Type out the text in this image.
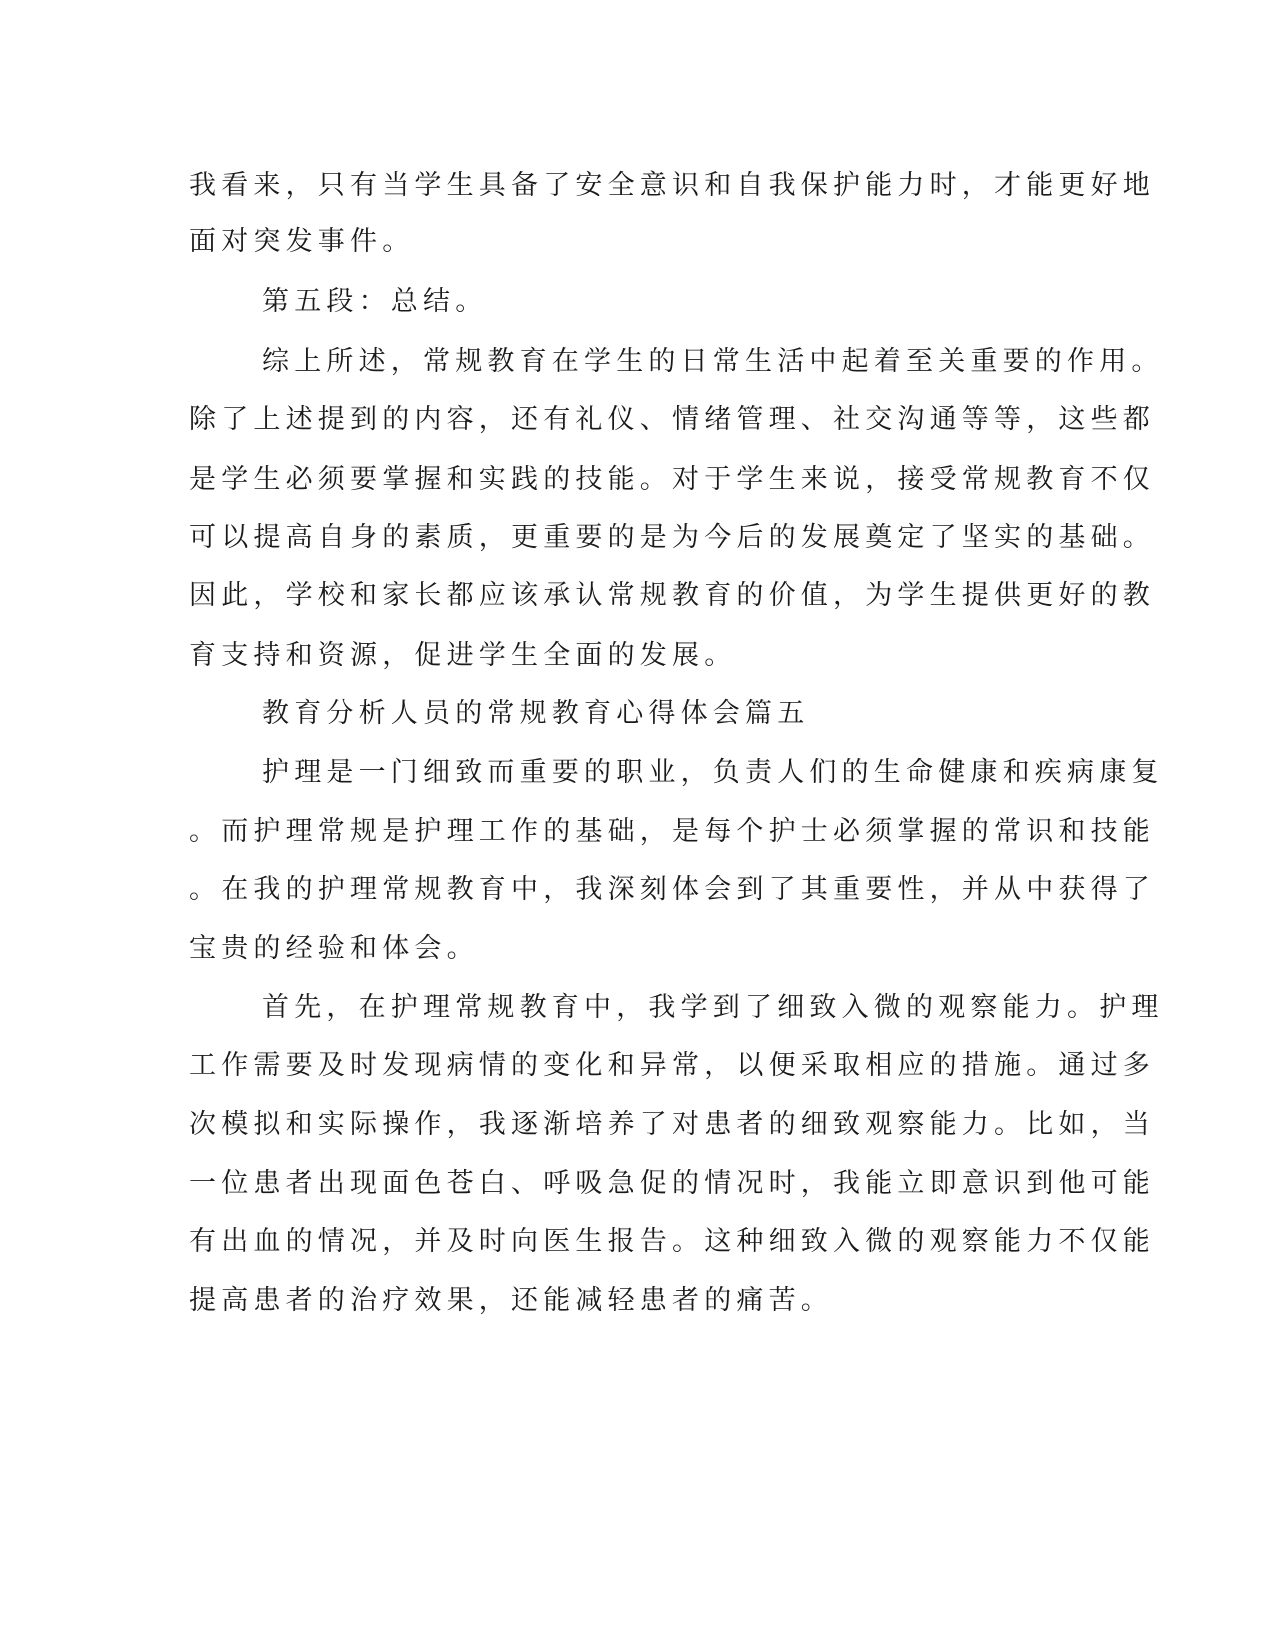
我看来，只有当学生具备了安全意识和自我保护能力时，才能更好地

面对突发事件。

第五段：总结。

综上所述，常规教育在学生的日常生活中起着至关重要的作用。

除了上述提到的内容，还有礼仪、情绪管理、社交沟通等等，这些都

是学生必须要掌握和实践的技能。对于学生来说，接受常规教育不仅

可以提高自身的素质，更重要的是为今后的发展奠定了坚实的基础。

因此，学校和家长都应该承认常规教育的价值，为学生提供更好的教

育支持和资源，促进学生全面的发展。

教育分析人员的常规教育心得体会篇五

护理是一门细致而重要的职业，负责人们的生命健康和疾病康复

。而护理常规是护理工作的基础，是每个护士必须掌握的常识和技能

。在我的护理常规教育中，我深刻体会到了其重要性，并从中获得了

宝贵的经验和体会。

首先，在护理常规教育中，我学到了细致入微的观察能力。护理

工作需要及时发现病情的变化和异常，以便采取相应的措施。通过多

次模拟和实际操作，我逐渐培养了对患者的细致观察能力。比如，当

一位患者出现面色苍白、呼吸急促的情况时，我能立即意识到他可能

有出血的情况，并及时向医生报告。这种细致入微的观察能力不仅能

提高患者的治疗效果，还能减轻患者的痛苦。
